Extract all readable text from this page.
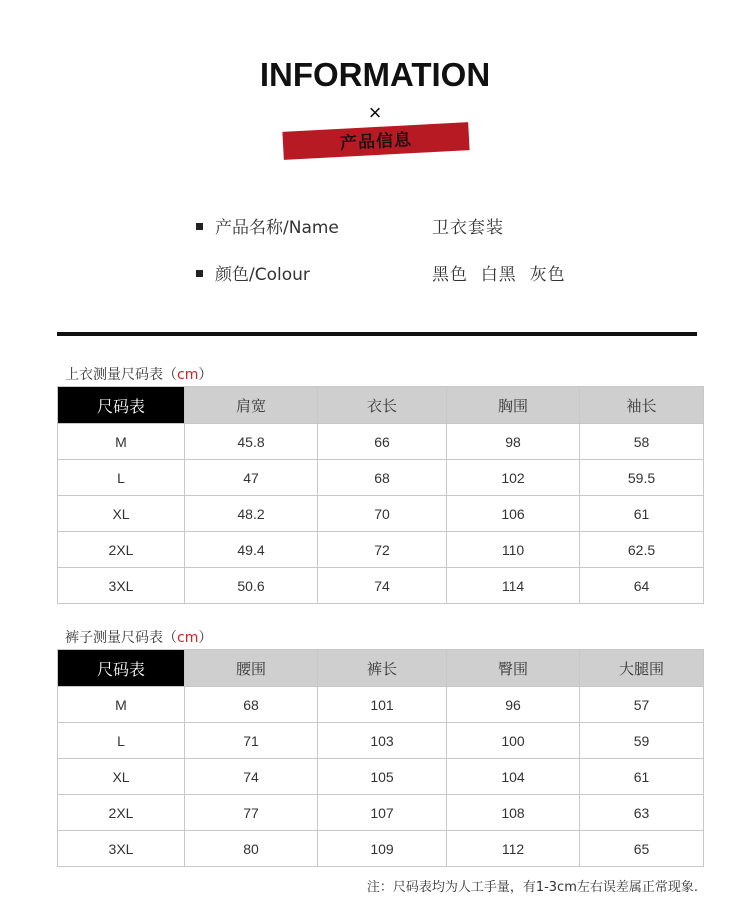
INFORMATION
×
产品信息
产品名称/Name	卫衣套装
颜色/Colour	黑色  白黑  灰色
上衣测量尺码表（cm）
尺码表	肩宽	衣长	胸围	袖长
M	45.8	66	98	58
L	47	68	102	59.5
XL	48.2	70	106	61
2XL	49.4	72	110	62.5
3XL	50.6	74	114	64
裤子测量尺码表（cm）
尺码表	腰围	裤长	臀围	大腿围
M	68	101	96	57
L	71	103	100	59
XL	74	105	104	61
2XL	77	107	108	63
3XL	80	109	112	65
注：尺码表均为人工手量，有1-3cm左右误差属正常现象.
